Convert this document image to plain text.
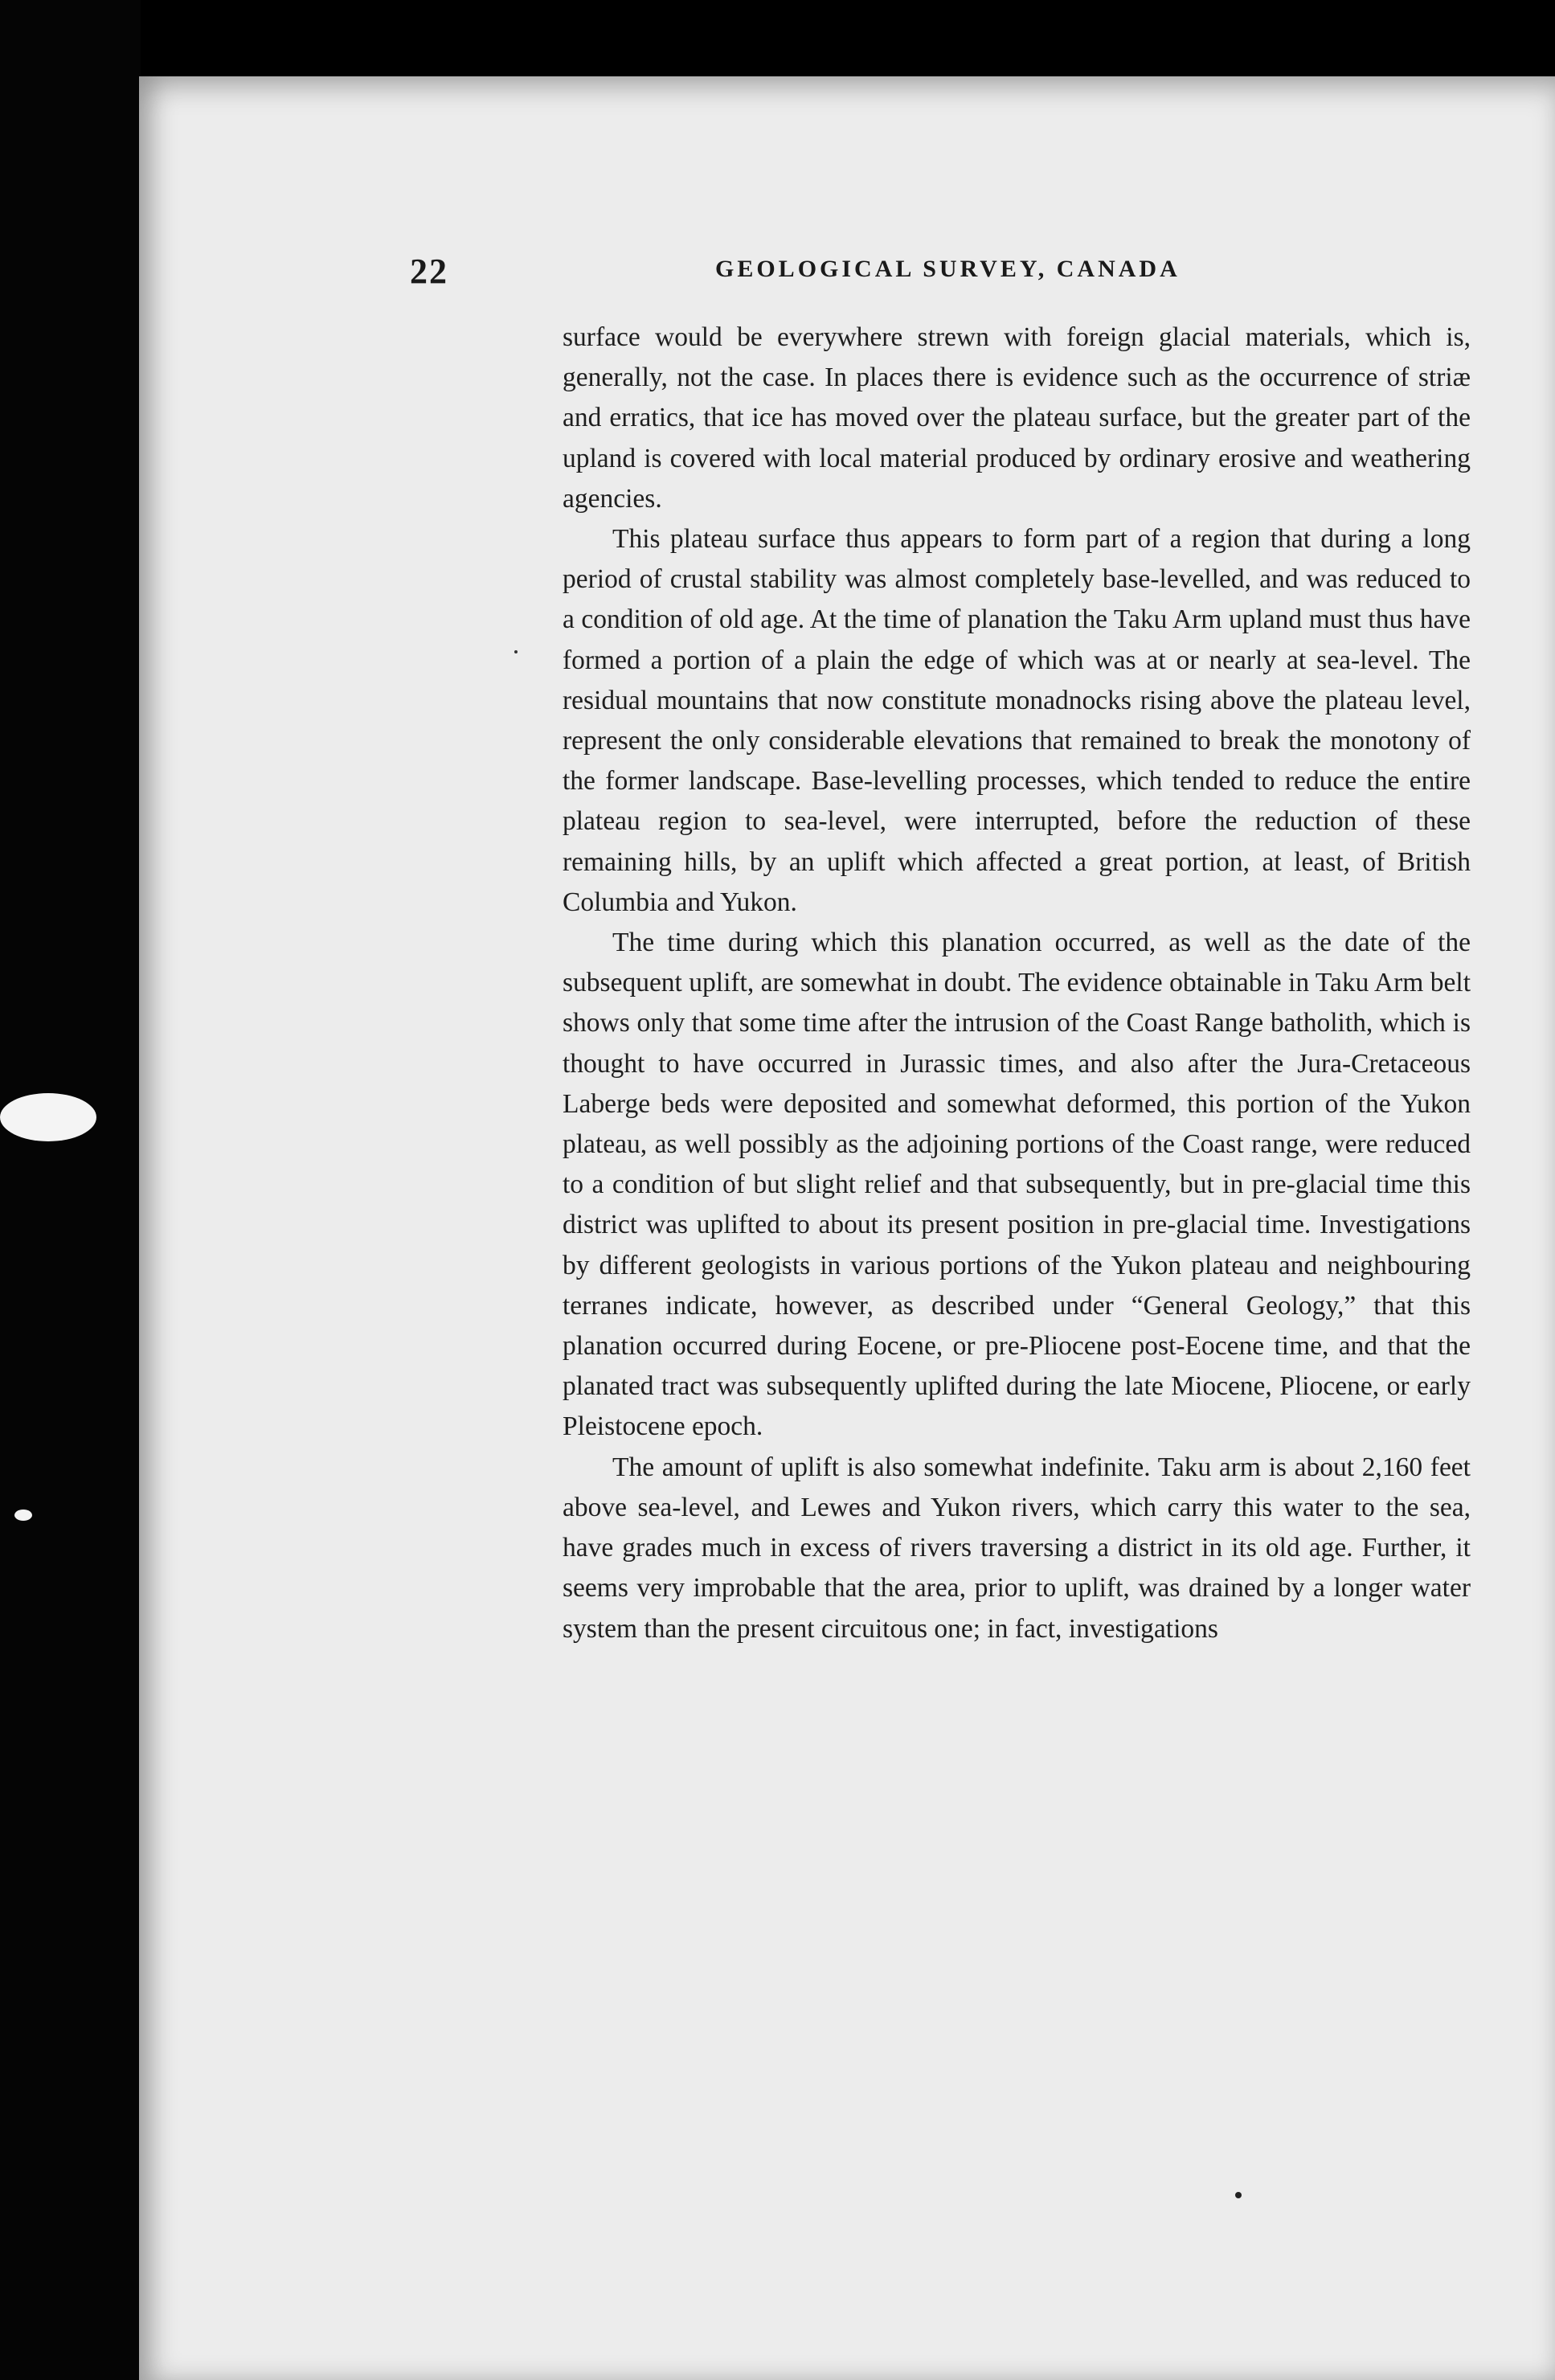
22	GEOLOGICAL SURVEY, CANADA

surface would be everywhere strewn with foreign glacial materials, which is, generally, not the case. In places there is evidence such as the occurrence of striæ and erratics, that ice has moved over the plateau surface, but the greater part of the upland is covered with local material produced by ordinary erosive and weathering agencies.

This plateau surface thus appears to form part of a region that during a long period of crustal stability was almost completely base-levelled, and was reduced to a condition of old age. At the time of planation the Taku Arm upland must thus have formed a portion of a plain the edge of which was at or nearly at sea-level. The residual mountains that now constitute monadnocks rising above the plateau level, represent the only considerable elevations that remained to break the monotony of the former landscape. Base-levelling processes, which tended to reduce the entire plateau region to sea-level, were interrupted, before the reduction of these remaining hills, by an uplift which affected a great portion, at least, of British Columbia and Yukon.

The time during which this planation occurred, as well as the date of the subsequent uplift, are somewhat in doubt. The evidence obtainable in Taku Arm belt shows only that some time after the intrusion of the Coast Range batholith, which is thought to have occurred in Jurassic times, and also after the Jura-Cretaceous Laberge beds were deposited and somewhat deformed, this portion of the Yukon plateau, as well possibly as the adjoining portions of the Coast range, were reduced to a condition of but slight relief and that subsequently, but in pre-glacial time this district was uplifted to about its present position in pre-glacial time. Investigations by different geologists in various portions of the Yukon plateau and neighbouring terranes indicate, however, as described under “General Geology,” that this planation occurred during Eocene, or pre-Pliocene post-Eocene time, and that the planated tract was subsequently uplifted during the late Miocene, Pliocene, or early Pleistocene epoch.

The amount of uplift is also somewhat indefinite. Taku arm is about 2,160 feet above sea-level, and Lewes and Yukon rivers, which carry this water to the sea, have grades much in excess of rivers traversing a district in its old age. Further, it seems very improbable that the area, prior to uplift, was drained by a longer water system than the present circuitous one; in fact, investigations
